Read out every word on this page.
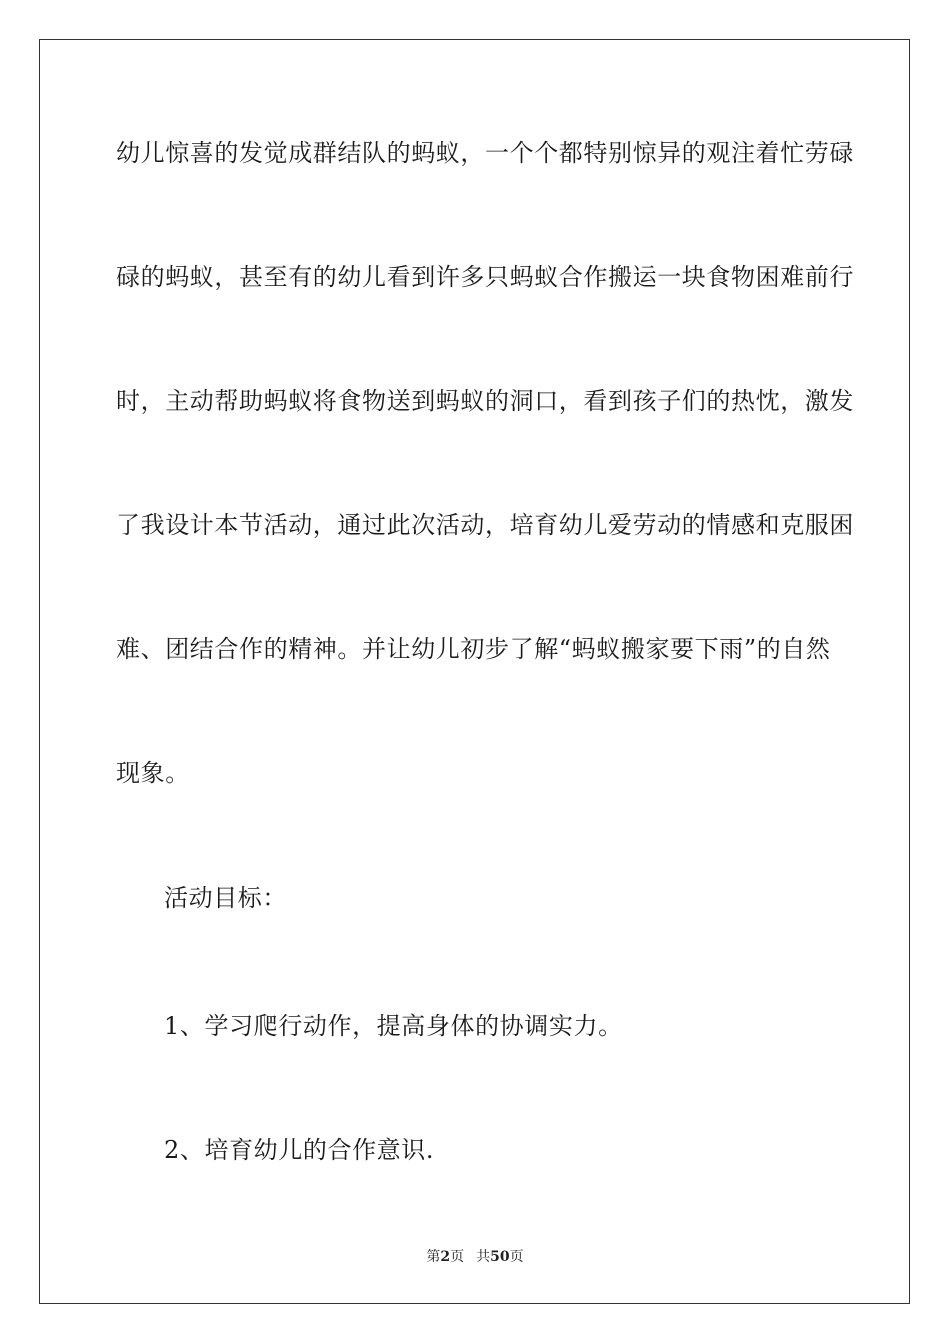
幼儿惊喜的发觉成群结队的蚂蚁，一个个都特别惊异的观注着忙劳碌
碌的蚂蚁，甚至有的幼儿看到许多只蚂蚁合作搬运一块食物困难前行
时，主动帮助蚂蚁将食物送到蚂蚁的洞口，看到孩子们的热忱，激发
了我设计本节活动，通过此次活动，培育幼儿爱劳动的情感和克服困
难、团结合作的精神。并让幼儿初步了解“蚂蚁搬家要下雨”的自然
现象。
活动目标：
1、学习爬行动作，提高身体的协调实力。
2、培育幼儿的合作意识.
第2页 共50页
